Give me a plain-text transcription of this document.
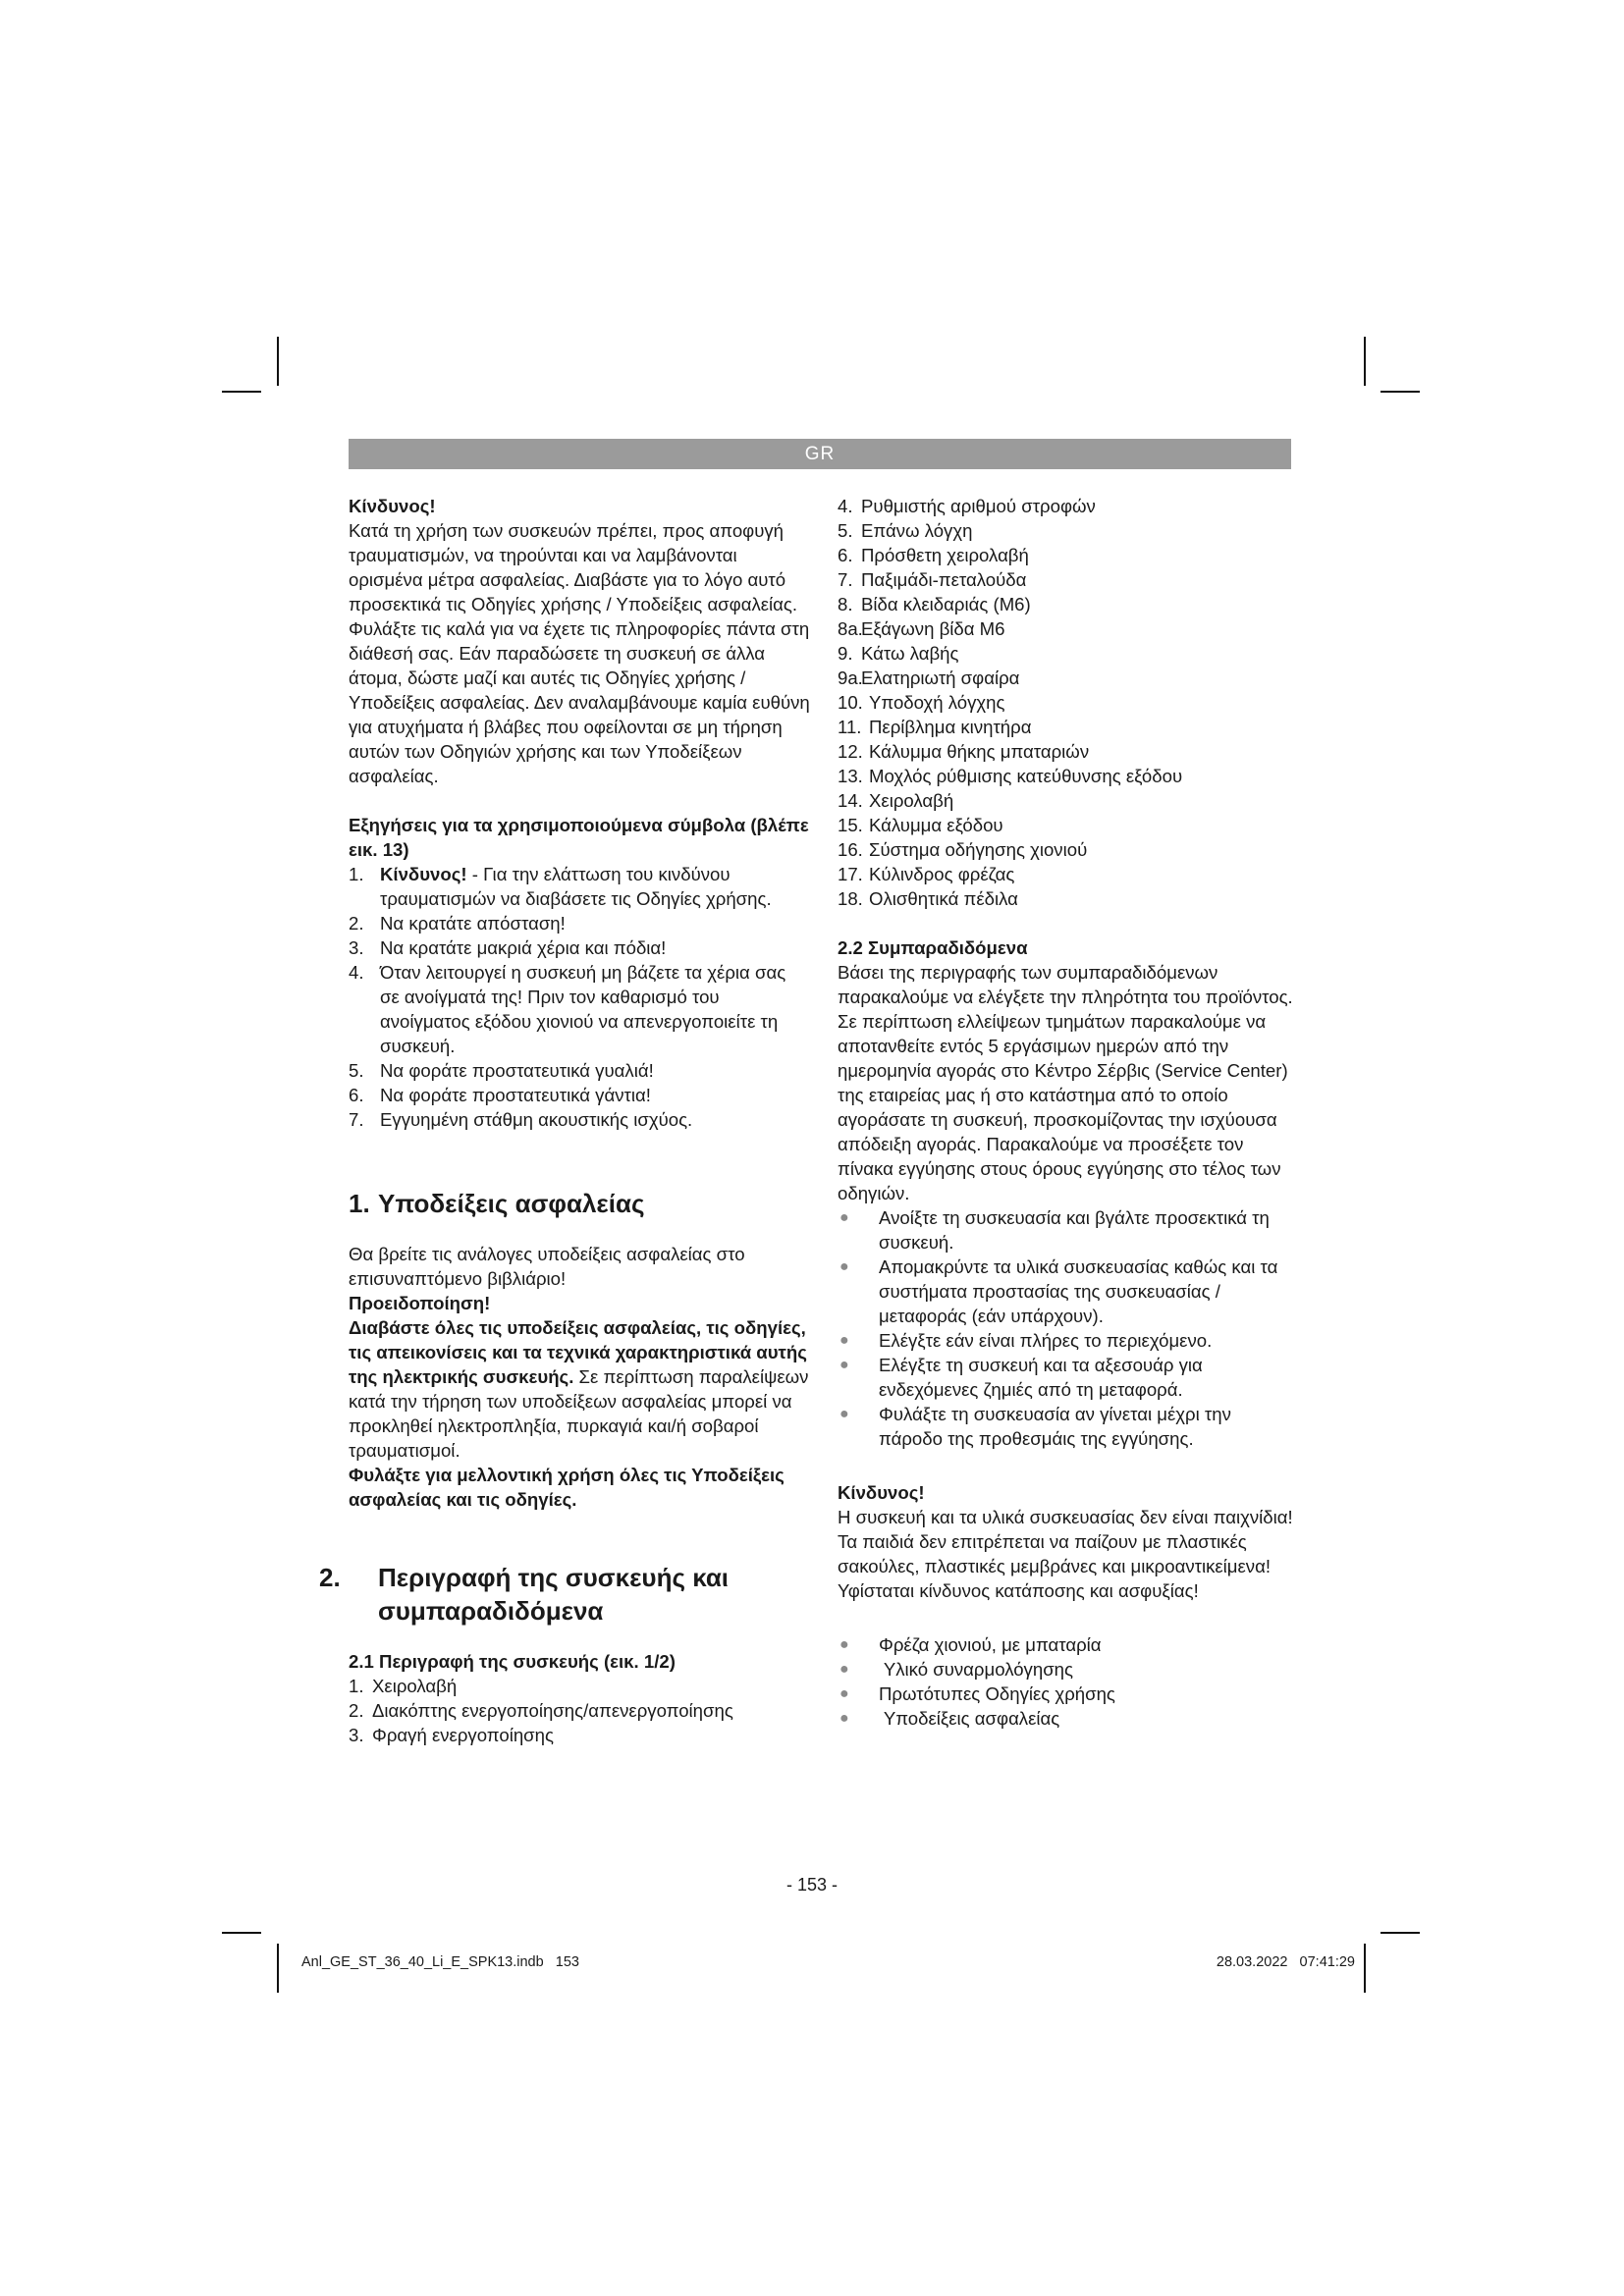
GR

Κίνδυνος!

Κατά τη χρήση των συσκευών πρέπει, προς αποφυγή τραυματισμών, να τηρούνται και να λαμβάνονται ορισμένα μέτρα ασφαλείας. Διαβάστε για το λόγο αυτό προσεκτικά τις Οδηγίες χρήσης / Υποδείξεις ασφαλείας. Φυλάξτε τις καλά για να έχετε τις πληροφορίες πάντα στη διάθεσή σας. Εάν παραδώσετε τη συσκευή σε άλλα άτομα, δώστε μαζί και αυτές τις Οδηγίες χρήσης / Υποδείξεις ασφαλείας. Δεν αναλαμβάνουμε καμία ευθύνη για ατυχήματα ή βλάβες που οφείλονται σε μη τήρηση αυτών των Οδηγιών χρήσης και των Υποδείξεων ασφαλείας.

Εξηγήσεις για τα χρησιμοποιούμενα σύμβολα (βλέπε εικ. 13)

1. Κίνδυνος! - Για την ελάττωση του κινδύνου τραυματισμών να διαβάσετε τις Οδηγίες χρήσης.
2. Να κρατάτε απόσταση!
3. Να κρατάτε μακριά χέρια και πόδια!
4. Όταν λειτουργεί η συσκευή μη βάζετε τα χέρια σας σε ανοίγματά της! Πριν τον καθαρισμό του ανοίγματος εξόδου χιονιού να απενεργοποιείτε τη συσκευή.
5. Να φοράτε προστατευτικά γυαλιά!
6. Να φοράτε προστατευτικά γάντια!
7. Εγγυημένη στάθμη ακουστικής ισχύος.

1. Υποδείξεις ασφαλείας

Θα βρείτε τις ανάλογες υποδείξεις ασφαλείας στο επισυναπτόμενο βιβλιάριο!

Προειδοποίηση!

Διαβάστε όλες τις υποδείξεις ασφαλείας, τις οδηγίες, τις απεικονίσεις και τα τεχνικά χαρακτηριστικά αυτής της ηλεκτρικής συσκευής. Σε περίπτωση παραλείψεων κατά την τήρηση των υποδείξεων ασφαλείας μπορεί να προκληθεί ηλεκτροπληξία, πυρκαγιά και/ή σοβαροί τραυματισμοί.

Φυλάξτε για μελλοντική χρήση όλες τις Υποδείξεις ασφαλείας και τις οδηγίες.

2. Περιγραφή της συσκευής και συμπαραδιδόμενα

2.1 Περιγραφή της συσκευής (εικ. 1/2)

1. Χειρολαβή
2. Διακόπτης ενεργοποίησης/απενεργοποίησης
3. Φραγή ενεργοποίησης
4. Ρυθμιστής αριθμού στροφών
5. Επάνω λόγχη
6. Πρόσθετη χειρολαβή
7. Παξιμάδι-πεταλούδα
8. Βίδα κλειδαριάς (M6)
8a.
Εξάγωνη βίδα M6
9. Κάτω λαβής
9a.
Ελατηριωτή σφαίρα
10. Υποδοχή λόγχης
11. Περίβλημα κινητήρα
12. Κάλυμμα θήκης μπαταριών
13. Μοχλός ρύθμισης κατεύθυνσης εξόδου
14. Χειρολαβή
15. Κάλυμμα εξόδου
16. Σύστημα οδήγησης χιονιού
17. Κύλινδρος φρέζας
18. Ολισθητικά πέδιλα

2.2 Συμπαραδιδόμενα

Βάσει της περιγραφής των συμπαραδιδόμενων παρακαλούμε να ελέγξετε την πληρότητα του προϊόντος. Σε περίπτωση ελλείψεων τμημάτων παρακαλούμε να αποτανθείτε εντός 5 εργάσιμων ημερών από την ημερομηνία αγοράς στο Κέντρο Σέρβις (Service Center) της εταιρείας μας ή στο κατάστημα από το οποίο αγοράσατε τη συσκευή, προσκομίζοντας την ισχύουσα απόδειξη αγοράς. Παρακαλούμε να προσέξετε τον πίνακα εγγύησης στους όρους εγγύησης στο τέλος των οδηγιών.

●	Ανοίξτε τη συσκευασία και βγάλτε προσεκτικά τη συσκευή.
●	Απομακρύντε τα υλικά συσκευασίας καθώς και τα συστήματα προστασίας της συσκευασίας / μεταφοράς (εάν υπάρχουν).
●	Ελέγξτε εάν είναι πλήρες το περιεχόμενο.
●	Ελέγξτε τη συσκευή και τα αξεσουάρ για ενδεχόμενες ζημιές από τη μεταφορά.
●	Φυλάξτε τη συσκευασία αν γίνεται μέχρι την πάροδο της προθεσμάις της εγγύησης.

Κίνδυνος!

Η συσκευή και τα υλικά συσκευασίας δεν είναι παιχνίδια! Τα παιδιά δεν επιτρέπεται να παίζουν με πλαστικές σακούλες, πλαστικές μεμβράνες και μικροαντικείμενα! Υφίσταται κίνδυνος κατάποσης και ασφυξίας!

●	Φρέζα χιονιού, με μπαταρία
●	Υλικό συναρμολόγησης
●	Πρωτότυπες Οδηγίες χρήσης
●	Υποδείξεις ασφαλείας
- 153 -
Anl_GE_ST_36_40_Li_E_SPK13.indb   153	28.03.2022   07:41:29
